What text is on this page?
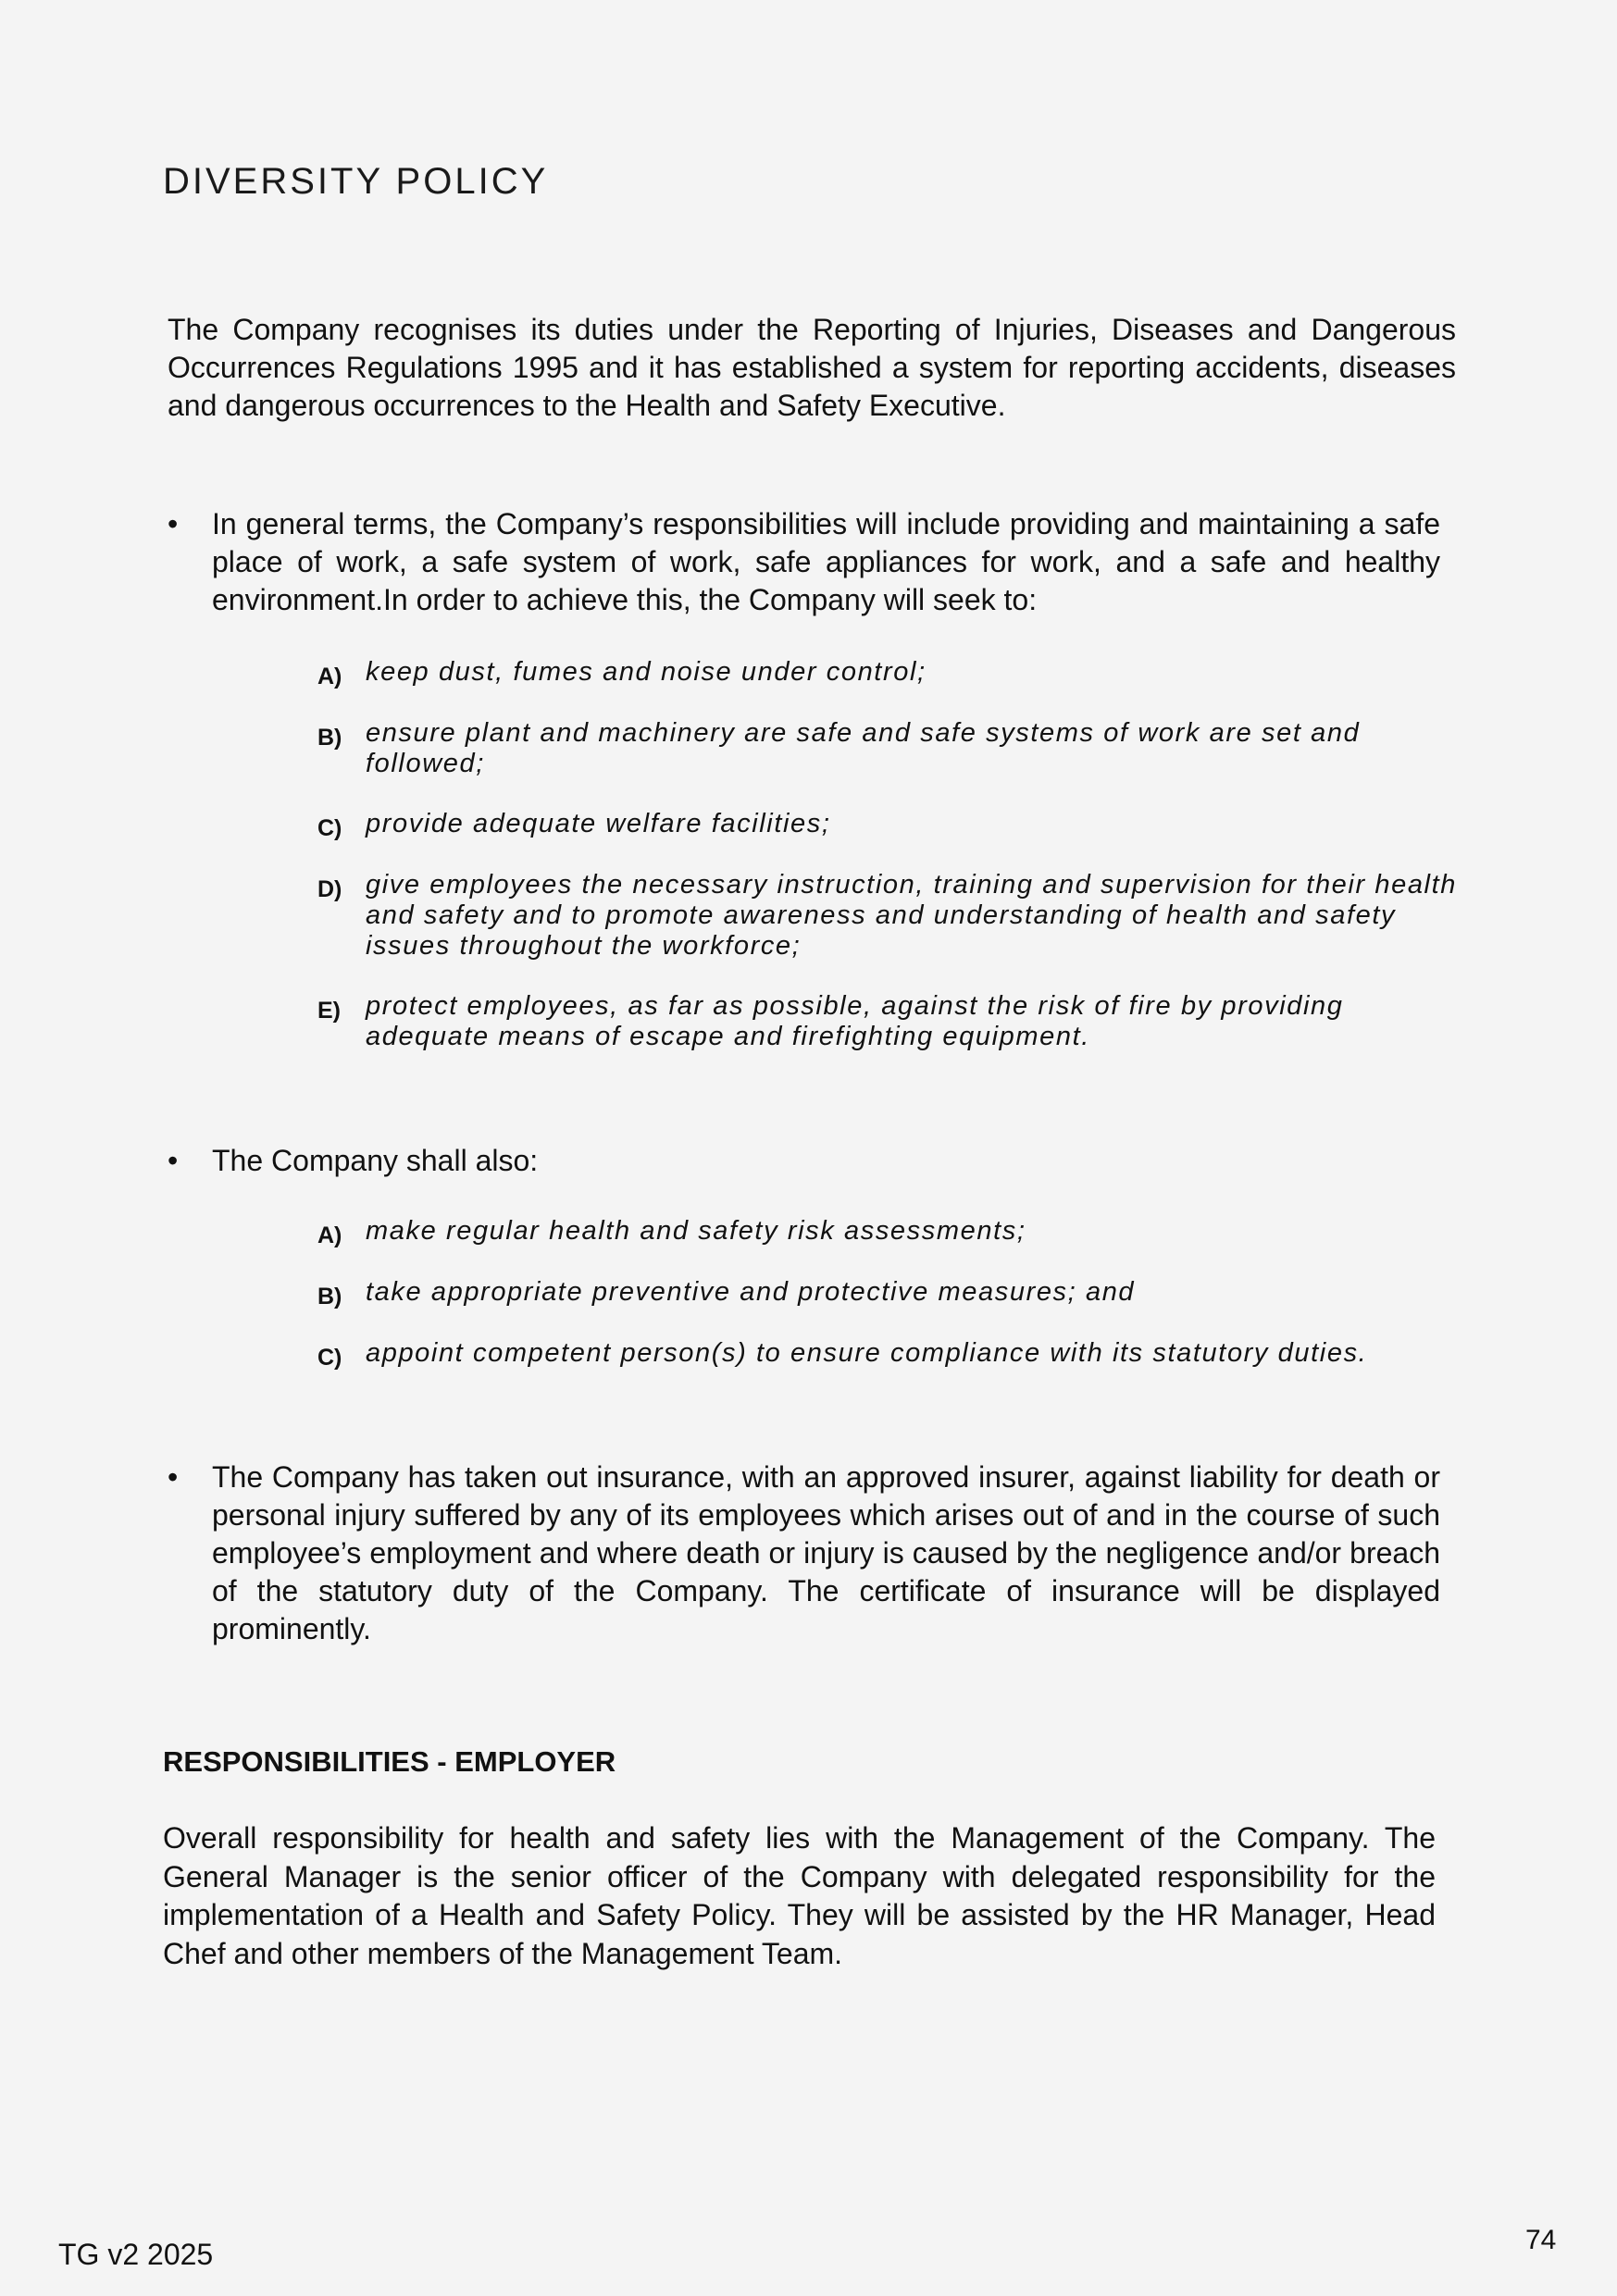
DIVERSITY POLICY

The Company recognises its duties under the Reporting of Injuries, Diseases and Dangerous Occurrences Regulations 1995 and it has established a system for reporting accidents, diseases and dangerous occurrences to the Health and Safety Executive.

•	In general terms, the Company’s responsibilities will include providing and maintaining a safe place of work, a safe system of work, safe appliances for work, and a safe and healthy environment.In order to achieve this, the Company will seek to:
A) keep dust, fumes and noise under control;
B) ensure plant and machinery are safe and safe systems of work are set and followed;
C) provide adequate welfare facilities;
D) give employees the necessary instruction, training and supervision for their health and safety and to promote awareness and understanding of health and safety issues throughout the workforce;
E) protect employees, as far as possible, against the risk of fire by providing adequate means of escape and firefighting equipment.
•	The Company shall also:
A) make regular health and safety risk assessments;
B) take appropriate preventive and protective measures; and
C) appoint competent person(s) to ensure compliance with its statutory duties.
•	The Company has taken out insurance, with an approved insurer, against liability for death or personal injury suffered by any of its employees which arises out of and in the course of such employee’s employment and where death or injury is caused by the negligence and/or breach of the statutory duty of the Company. The certificate of insurance will be displayed prominently.
RESPONSIBILITIES - EMPLOYER

Overall responsibility for health and safety lies with the Management of the Company. The General Manager is the senior officer of the Company with delegated responsibility for the implementation of a Health and Safety Policy. They will be assisted by the HR Manager, Head Chef and other members of the Management Team.

TG v2 2025	74
